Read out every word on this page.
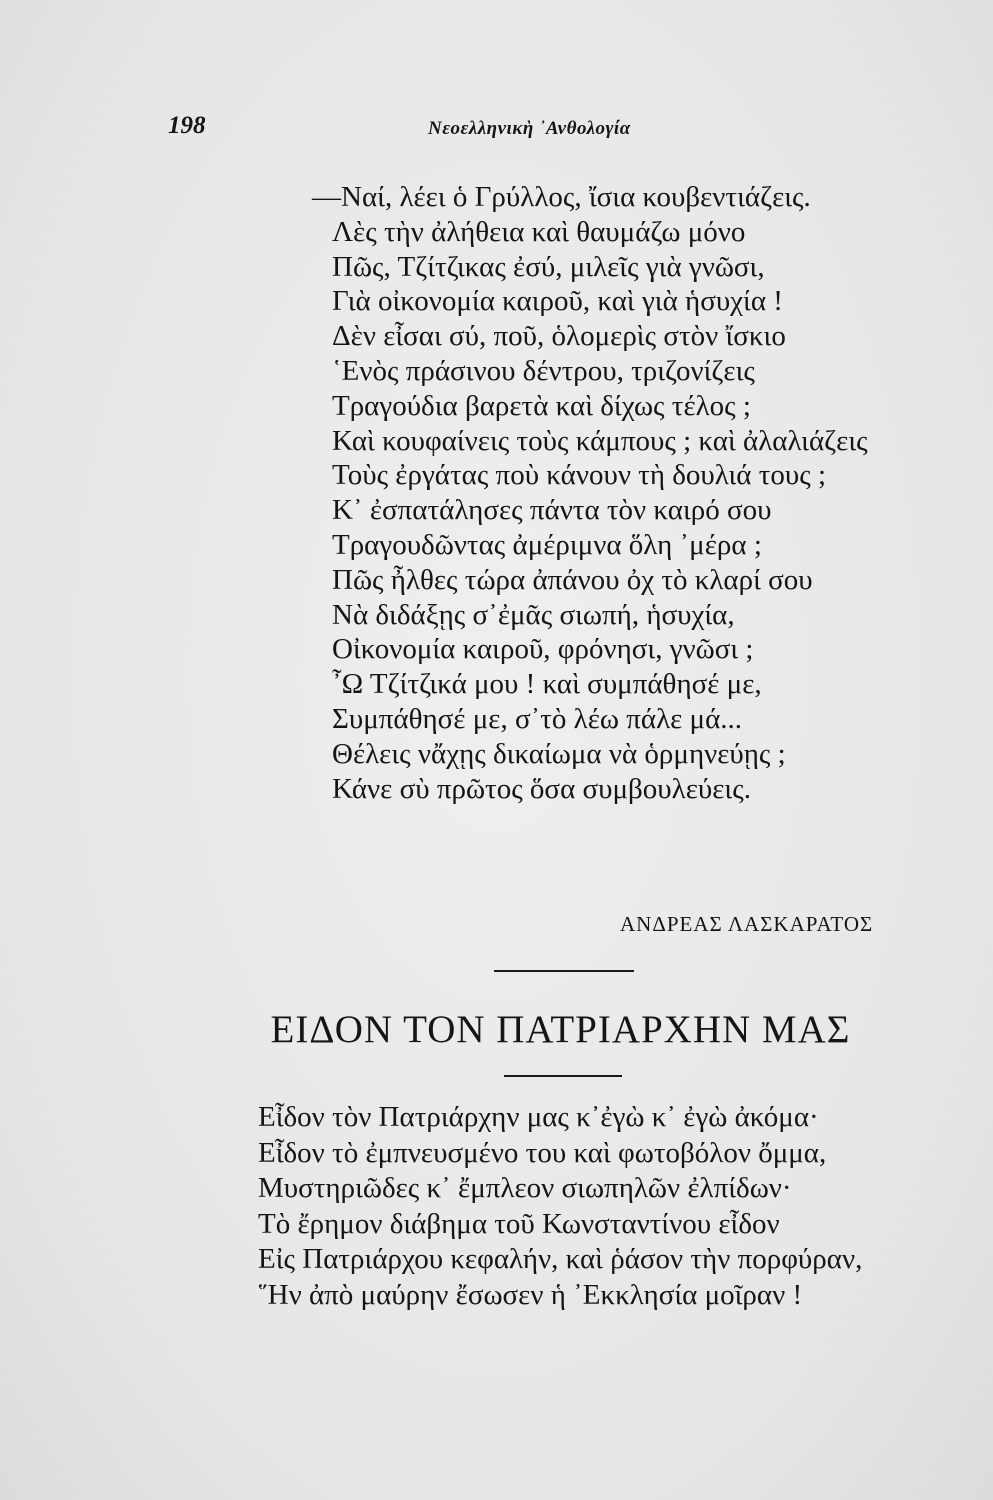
198	Νεοελληνικὴ ᾿Ανθολογία
—Ναί, λέει ὁ Γρύλλος, ἴσια κουβεντιάζεις.
Λὲς τὴν ἀλήθεια καὶ θαυμάζω μόνο
Πῶς, Τζίτζικας ἐσύ, μιλεῖς γιὰ γνῶσι,
Γιὰ οἰκονομία καιροῦ, καὶ γιὰ ἡσυχία !
Δὲν εἶσαι σύ, ποῦ, ὁλομερὶς στὸν ἴσκιο
῾Ενὸς πράσινου δέντρου, τριζονίζεις
Τραγούδια βαρετὰ καὶ δίχως τέλος ;
Καὶ κουφαίνεις τοὺς κάμπους ; καὶ ἀλαλιάζεις
Τοὺς ἐργάτας ποὺ κάνουν τὴ δουλιά τους ;
Κ᾿ ἐσπατάλησες πάντα τὸν καιρό σου
Τραγουδῶντας ἀμέριμνα ὅλη ᾿μέρα ;
Πῶς ἦλθες τώρα ἀπάνου ὀχ τὸ κλαρί σου
Νὰ διδάξῃς σ᾿ἐμᾶς σιωπή, ἡσυχία,
Οἰκονομία καιροῦ, φρόνησι, γνῶσι ;
῏Ω Τζίτζικά μου ! καὶ συμπάθησέ με,
Συμπάθησέ με, σ᾿τὸ λέω πάλε μά...
Θέλεις νἄχῃς δικαίωμα νὰ ὁρμηνεύῃς ;
Κάνε σὺ πρῶτος ὅσα συμβουλεύεις.
ΑΝΔΡΕΑΣ ΛΑΣΚΑΡΑΤΟΣ
ΕΙΔΟΝ ΤΟΝ ΠΑΤΡΙΑΡΧΗΝ ΜΑΣ
Εἶδον τὸν Πατριάρχην μας κ᾿ἐγὼ κ᾿ ἐγὼ ἀκόμα·
Εἶδον τὸ ἐμπνευσμένο του καὶ φωτοβόλον ὄμμα,
Μυστηριῶδες κ᾿ ἔμπλεον σιωπηλῶν ἐλπίδων·
Τὸ ἔρημον διάβημα τοῦ Κωνσταντίνου εἶδον
Εἰς Πατριάρχου κεφαλήν, καὶ ῥάσον τὴν πορφύραν,
῞Ην ἀπὸ μαύρην ἔσωσεν ἡ ᾿Εκκλησία μοῖραν !
